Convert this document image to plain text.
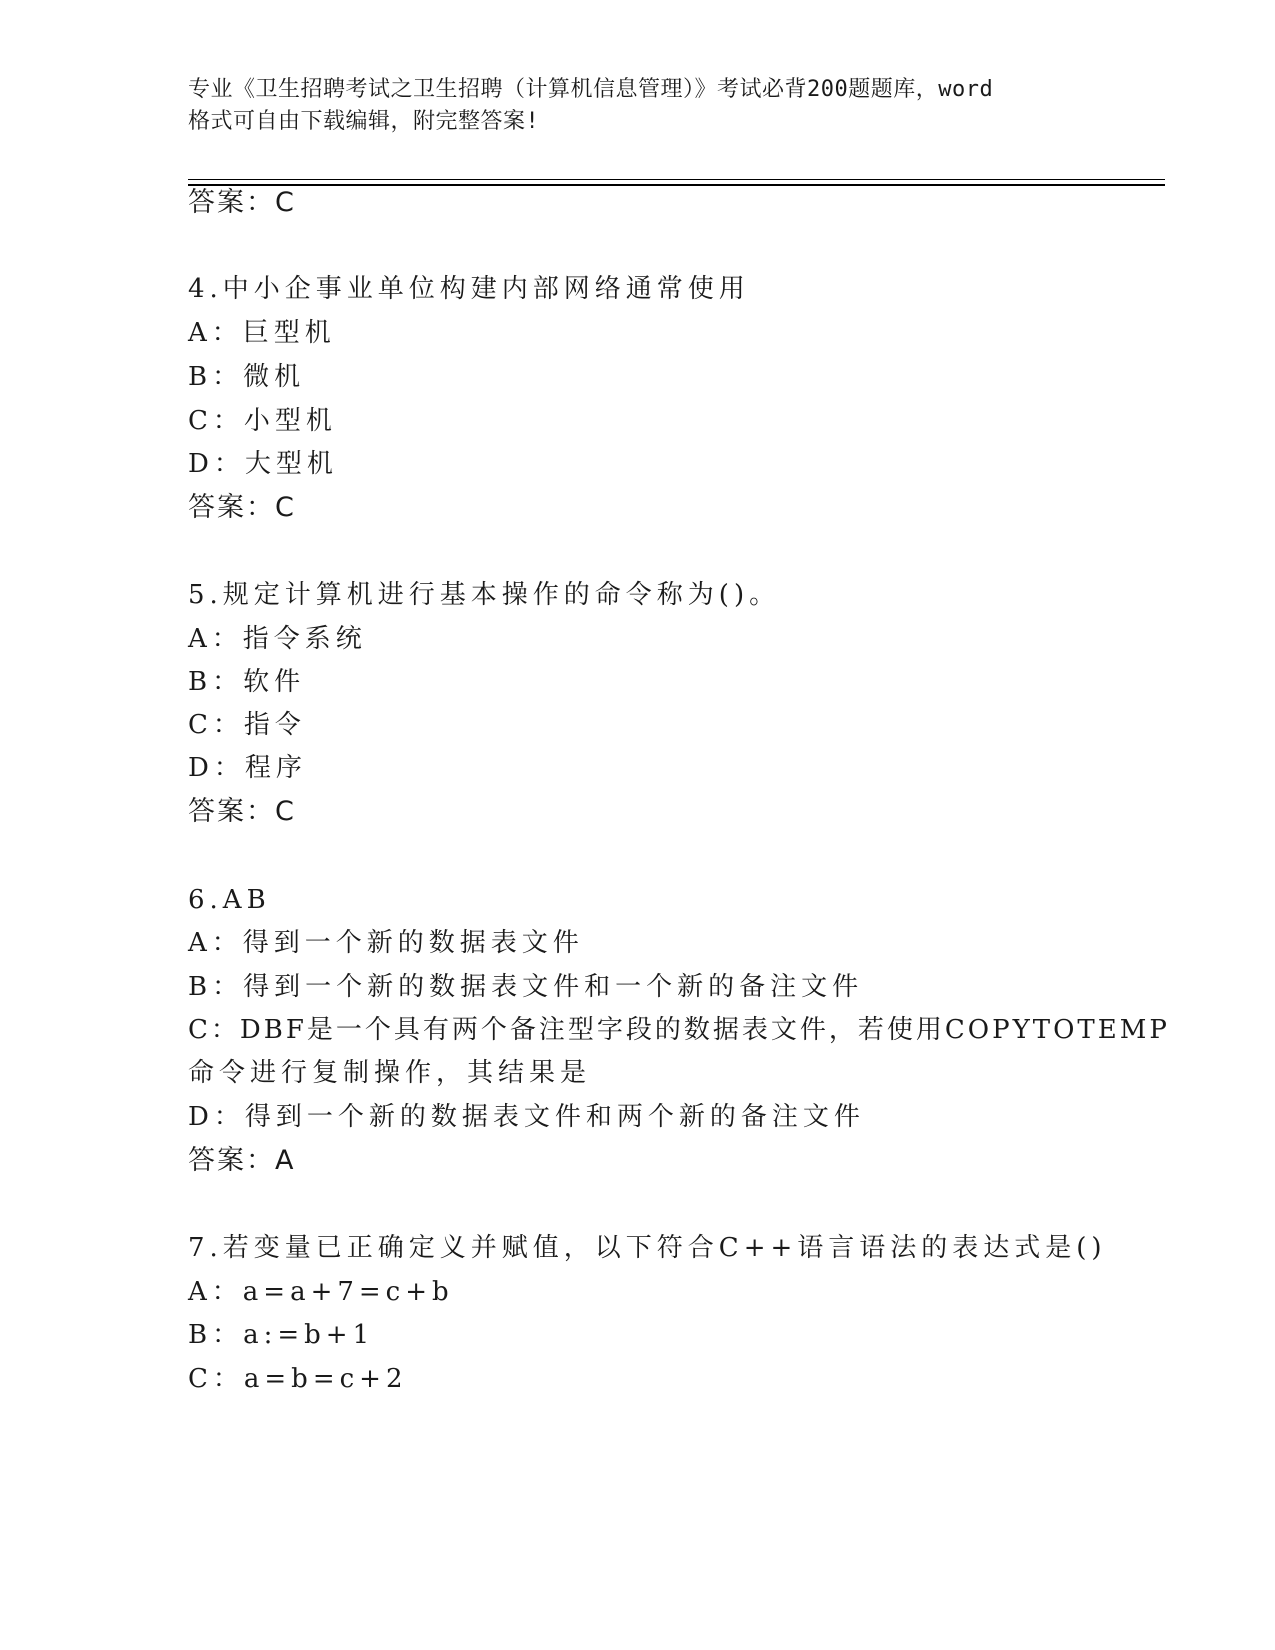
专业《卫生招聘考试之卫生招聘（计算机信息管理）》考试必背200题题库，word
格式可自由下载编辑，附完整答案!
答案：C
4.中小企事业单位构建内部网络通常使用
A：巨型机
B：微机
C：小型机
D：大型机
答案：C
5.规定计算机进行基本操作的命令称为()。
A：指令系统
B：软件
C：指令
D：程序
答案：C
6.AB
A：得到一个新的数据表文件
B：得到一个新的数据表文件和一个新的备注文件
C：DBF是一个具有两个备注型字段的数据表文件，若使用COPYTOTEMP
命令进行复制操作，其结果是
D：得到一个新的数据表文件和两个新的备注文件
答案：A
7.若变量已正确定义并赋值，以下符合C++语言语法的表达式是()
A：a=a+7=c+b
B：a:=b+1
C：a=b=c+2
